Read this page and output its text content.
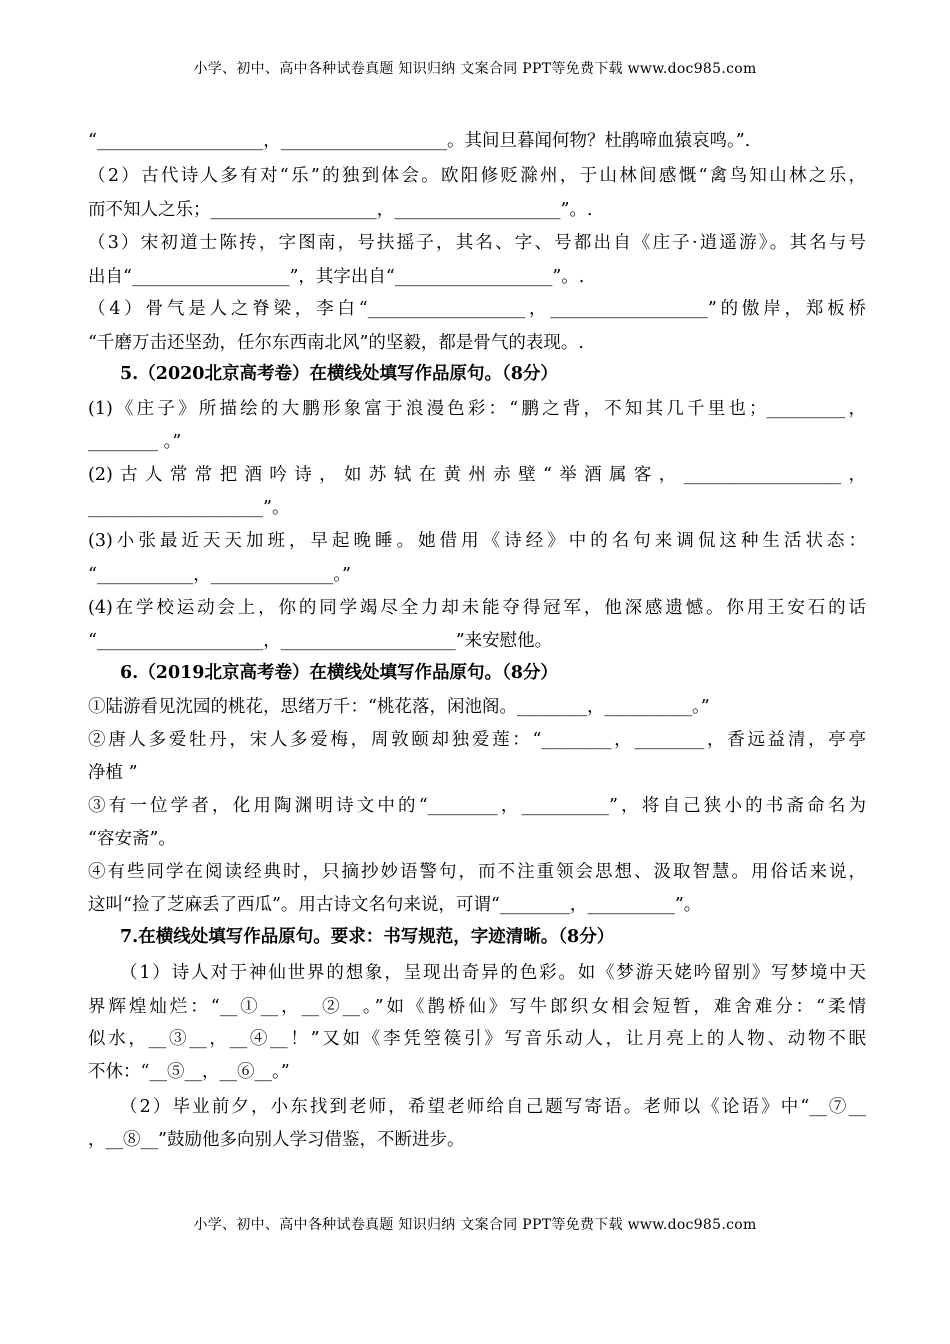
小学、初中、高中各种试卷真题 知识归纳 文案合同 PPT等免费下载 www.doc985.com
“___________________，___________________。其间旦暮闻何物？杜鹃啼血猿哀鸣。”.
（2）古代诗人多有对“乐”的独到体会。欧阳修贬滁州，于山林间感慨“禽鸟知山林之乐，
而不知人之乐；___________________，___________________”。.
（3）宋初道士陈抟，字图南，号扶摇子，其名、字、号都出自《庄子·逍遥游》。其名与号
出自“__________________”，其字出自“__________________”。.
（4）骨气是人之脊梁，李白“__________________，__________________”的傲岸，郑板桥
“千磨万击还坚劲，任尔东西南北风”的坚毅，都是骨气的表现。.
5.（2020北京高考卷）在横线处填写作品原句。（8分）
(1)《庄子》所描绘的大鹏形象富于浪漫色彩：“鹏之背，不知其几千里也；_________，
________ 。”
(2)古人常常把酒吟诗，如苏轼在黄州赤壁“举酒属客，__________________，
____________________”。
(3)小张最近天天加班，早起晚睡。她借用《诗经》中的名句来调侃这种生活状态：
“___________，______________。”
(4)在学校运动会上，你的同学竭尽全力却未能夺得冠军，他深感遗憾。你用王安石的话
“___________________，____________________”来安慰他。
6.（2019北京高考卷）在横线处填写作品原句。（8分）
①陆游看见沈园的桃花，思绪万千：“桃花落，闲池阁。________，__________。”
②唐人多爱牡丹，宋人多爱梅，周敦颐却独爱莲：“________，________，香远益清，亭亭
净植 ”
③有一位学者，化用陶渊明诗文中的“________，__________”，将自己狭小的书斋命名为
“容安斋”。
④有些同学在阅读经典时，只摘抄妙语警句，而不注重领会思想、汲取智慧。用俗话来说，
这叫“捡了芝麻丢了西瓜”。用古诗文名句来说，可谓“________，__________”。
7.在横线处填写作品原句。要求：书写规范，字迹清晰。（8分）
（1）诗人对于神仙世界的想象，呈现出奇异的色彩。如《梦游天姥吟留别》写梦境中天
界辉煌灿烂：“__①__，__②__。”如《鹊桥仙》写牛郎织女相会短暂，难舍难分：“柔情
似水，__③__，__④__！”又如《李凭箜篌引》写音乐动人，让月亮上的人物、动物不眠
不休：“__⑤__，__⑥__。”
（2）毕业前夕，小东找到老师，希望老师给自己题写寄语。老师以《论语》中“__⑦__
，__⑧__”鼓励他多向别人学习借鉴，不断进步。
小学、初中、高中各种试卷真题 知识归纳 文案合同 PPT等免费下载 www.doc985.com
